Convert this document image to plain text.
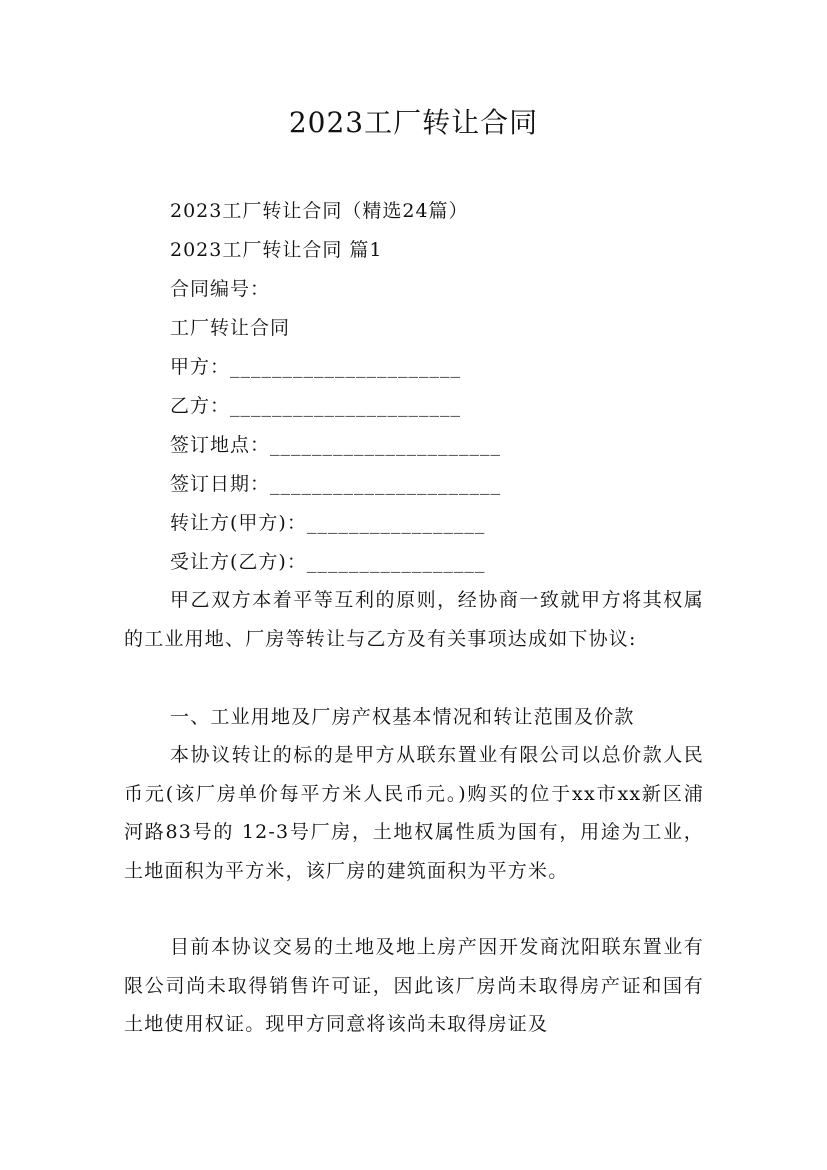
2023工厂转让合同
2023工厂转让合同（精选24篇）
2023工厂转让合同 篇1
合同编号：
工厂转让合同
甲方：______________________
乙方：______________________
签订地点：______________________
签订日期：______________________
转让方(甲方)：_________________
受让方(乙方)：_________________
甲乙双方本着平等互利的原则，经协商一致就甲方将其权属的工业用地、厂房等转让与乙方及有关事项达成如下协议:
一、工业用地及厂房产权基本情况和转让范围及价款
本协议转让的标的是甲方从联东置业有限公司以总价款人民币元(该厂房单价每平方米人民币元。)购买的位于xx市xx新区浦河路83号的 12-3号厂房，土地权属性质为国有，用途为工业，土地面积为平方米，该厂房的建筑面积为平方米。
目前本协议交易的土地及地上房产因开发商沈阳联东置业有限公司尚未取得销售许可证，因此该厂房尚未取得房产证和国有土地使用权证。现甲方同意将该尚未取得房证及
